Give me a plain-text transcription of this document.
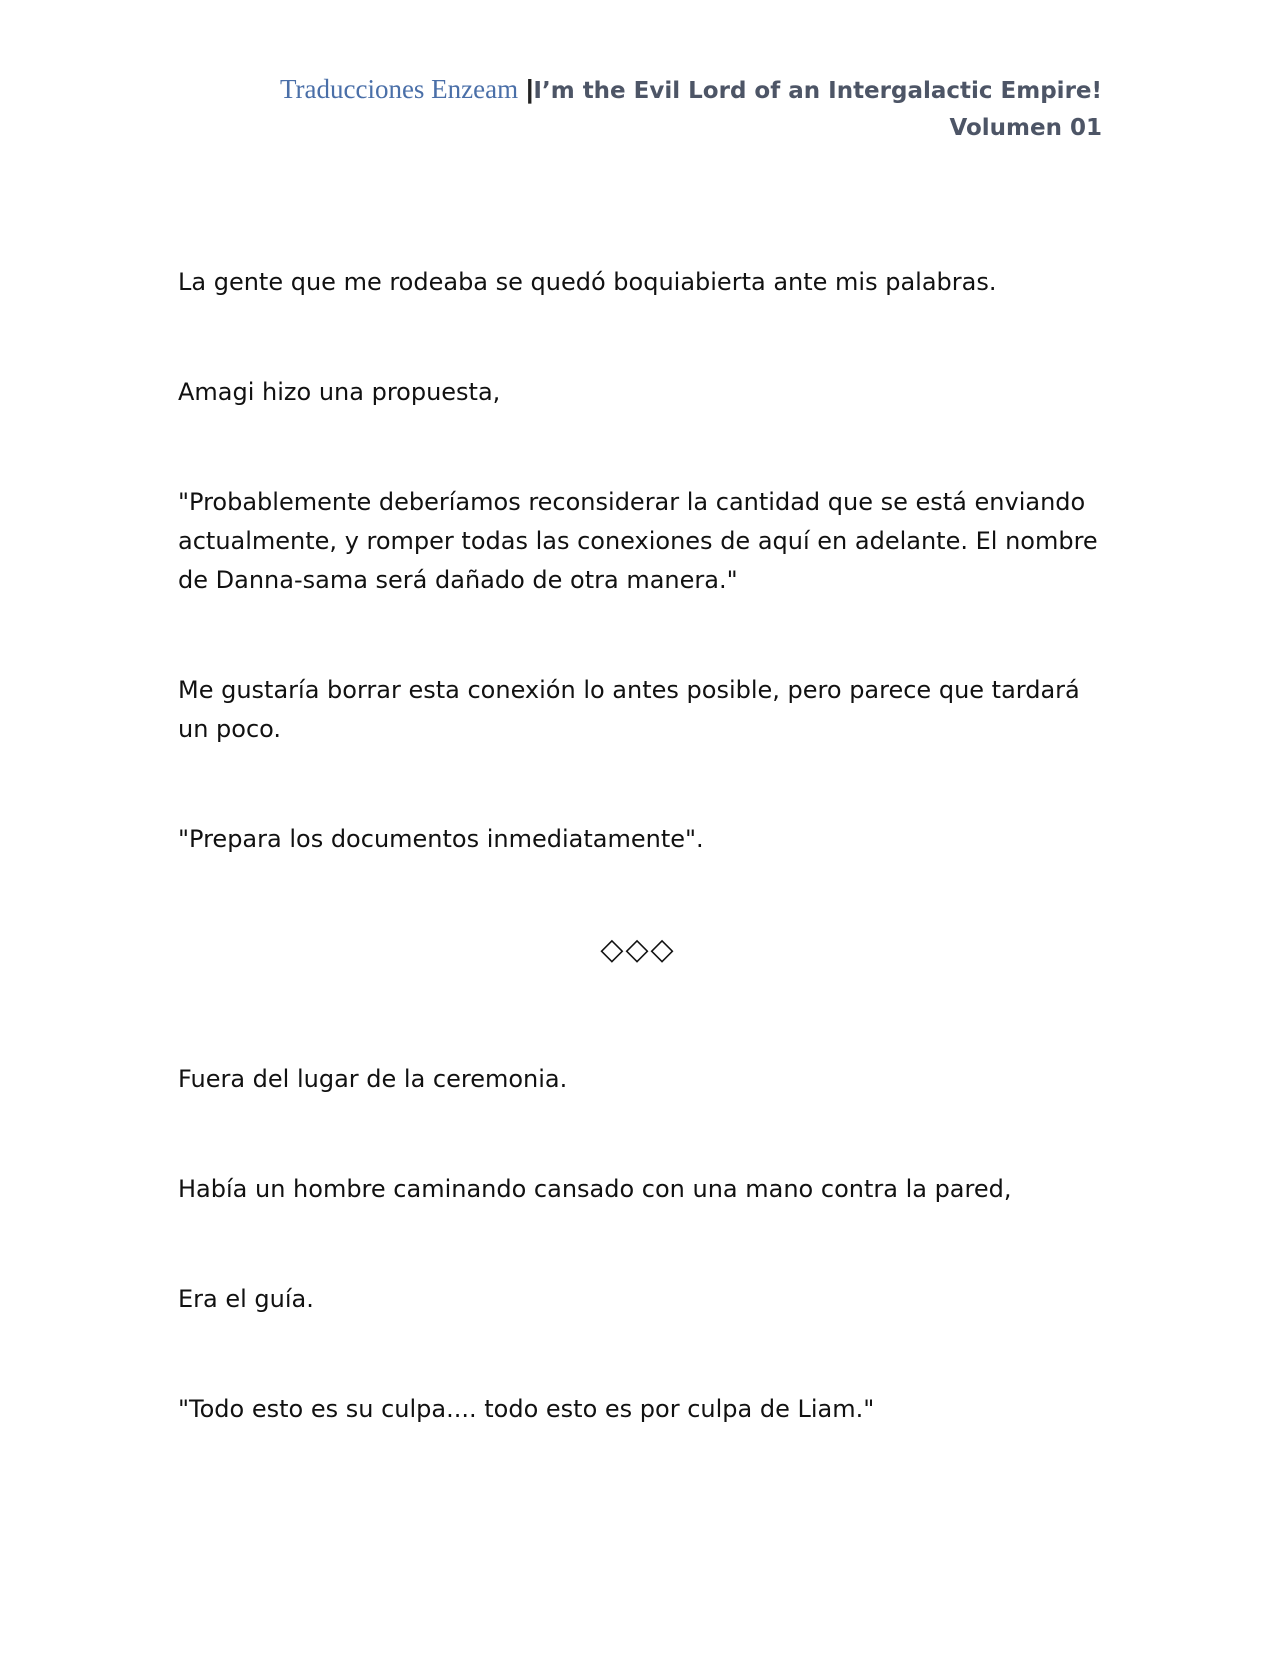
Traducciones Enzeam |I’m the Evil Lord of an Intergalactic Empire!
Volumen 01

La gente que me rodeaba se quedó boquiabierta ante mis palabras.

Amagi hizo una propuesta,

"Probablemente deberíamos reconsiderar la cantidad que se está enviando actualmente, y romper todas las conexiones de aquí en adelante. El nombre de Danna-sama será dañado de otra manera."

Me gustaría borrar esta conexión lo antes posible, pero parece que tardará un poco.

"Prepara los documentos inmediatamente".

◇◇◇

Fuera del lugar de la ceremonia.

Había un hombre caminando cansado con una mano contra la pared,

Era el guía.

"Todo esto es su culpa.... todo esto es por culpa de Liam."
